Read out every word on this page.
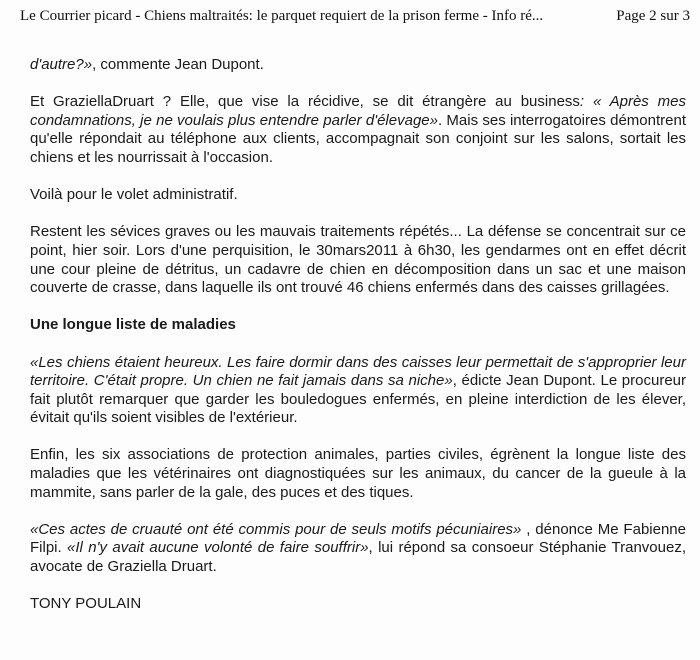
Le Courrier picard - Chiens maltraités: le parquet requiert de la prison ferme - Info ré...	Page 2 sur 3

d'autre?», commente Jean Dupont.

Et GraziellaDruart ? Elle, que vise la récidive, se dit étrangère au business: « Après mes condamnations, je ne voulais plus entendre parler d'élevage». Mais ses interrogatoires démontrent qu'elle répondait au téléphone aux clients, accompagnait son conjoint sur les salons, sortait les chiens et les nourrissait à l'occasion.

Voilà pour le volet administratif.

Restent les sévices graves ou les mauvais traitements répétés... La défense se concentrait sur ce point, hier soir. Lors d'une perquisition, le 30mars2011 à 6h30, les gendarmes ont en effet décrit une cour pleine de détritus, un cadavre de chien en décomposition dans un sac et une maison couverte de crasse, dans laquelle ils ont trouvé 46 chiens enfermés dans des caisses grillagées.

Une longue liste de maladies

«Les chiens étaient heureux. Les faire dormir dans des caisses leur permettait de s'approprier leur territoire. C'était propre. Un chien ne fait jamais dans sa niche», édicte Jean Dupont. Le procureur fait plutôt remarquer que garder les bouledogues enfermés, en pleine interdiction de les élever, évitait qu'ils soient visibles de l'extérieur.

Enfin, les six associations de protection animales, parties civiles, égrènent la longue liste des maladies que les vétérinaires ont diagnostiquées sur les animaux, du cancer de la gueule à la mammite, sans parler de la gale, des puces et des tiques.

«Ces actes de cruauté ont été commis pour de seuls motifs pécuniaires» , dénonce Me Fabienne Filpi. «Il n'y avait aucune volonté de faire souffrir», lui répond sa consoeur Stéphanie Tranvouez, avocate de Graziella Druart.

TONY POULAIN
